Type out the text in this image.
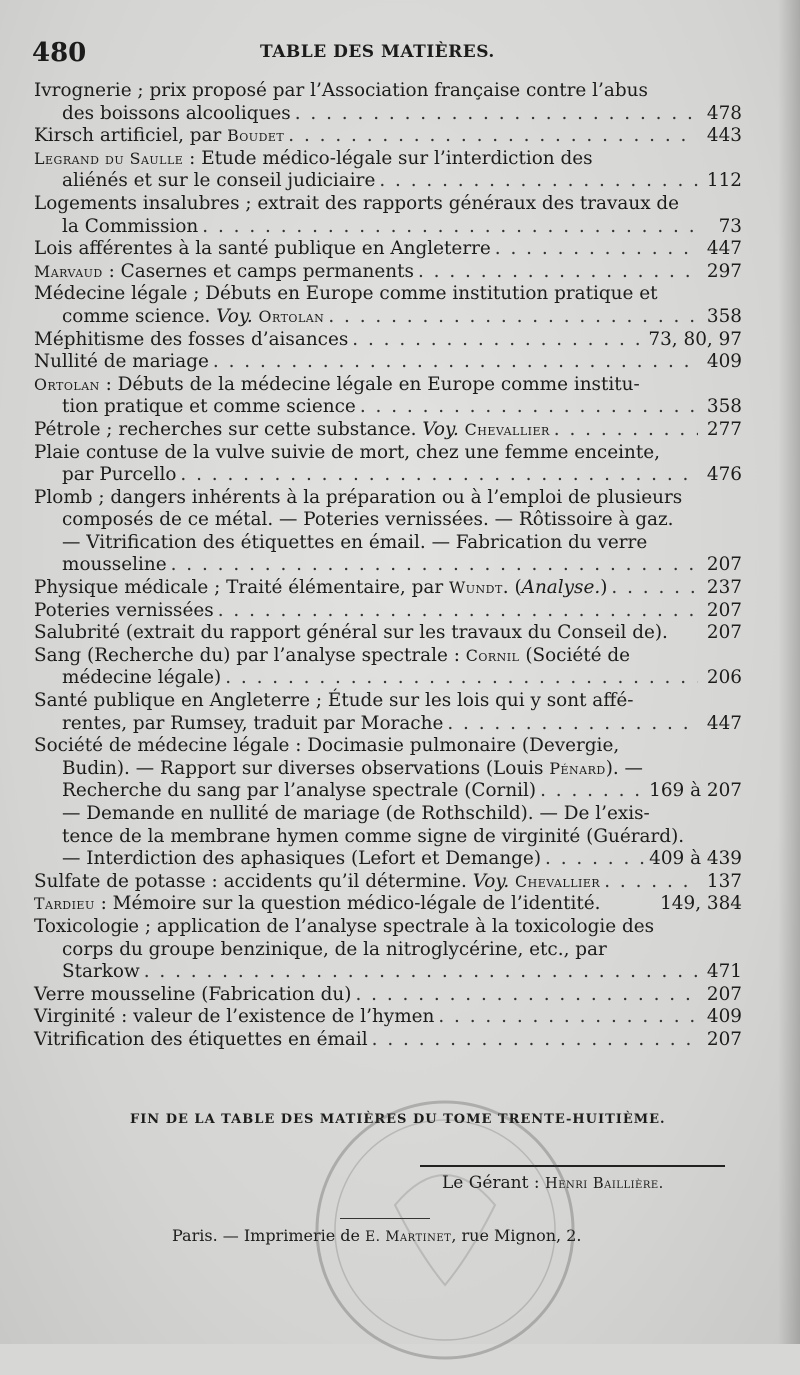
480	TABLE DES MATIÈRES.
Ivrognerie ; prix proposé par l’Association française contre l’abus
des boissons alcooliques . . .	478
Kirsch artificiel, par Boudet . . .	443
Legrand du Saulle : Etude médico-légale sur l’interdiction des
aliénés et sur le conseil judiciaire . . .	112
Logements insalubres ; extrait des rapports généraux des travaux de
la Commission . . .	73
Lois afférentes à la santé publique en Angleterre . . .	447
Marvaud : Casernes et camps permanents . . .	297
Médecine légale ; Débuts en Europe comme institution pratique et
comme science. Voy. Ortolan . . .	358
Méphitisme des fosses d’aisances . . .	73, 80, 97
Nullité de mariage . . .	409
Ortolan : Débuts de la médecine légale en Europe comme institu-
tion pratique et comme science . . .	358
Pétrole ; recherches sur cette substance. Voy. Chevallier . . .	277
Plaie contuse de la vulve suivie de mort, chez une femme enceinte,
par Purcello . . .	476
Plomb ; dangers inhérents à la préparation ou à l’emploi de plusieurs
composés de ce métal. — Poteries vernissées. — Rôtissoire à gaz.
— Vitrification des étiquettes en émail. — Fabrication du verre
mousseline . . .	207
Physique médicale ; Traité élémentaire, par Wundt. (Analyse.) . . .	237
Poteries vernissées . . .	207
Salubrité (extrait du rapport général sur les travaux du Conseil de). 207
Sang (Recherche du) par l’analyse spectrale : Cornil (Société de
médecine légale) . . .	206
Santé publique en Angleterre ; Étude sur les lois qui y sont affé-
rentes, par Rumsey, traduit par Morache . . .	447
Société de médecine légale : Docimasie pulmonaire (Devergie,
Budin). — Rapport sur diverses observations (Louis Pénard). —
Recherche du sang par l’analyse spectrale (Cornil) . . .	169 à 207
— Demande en nullité de mariage (de Rothschild). — De l’exis-
tence de la membrane hymen comme signe de virginité (Guérard).
— Interdiction des aphasiques (Lefort et Demange) . . .	409 à 439
Sulfate de potasse : accidents qu’il détermine. Voy. Chevallier . . .	137
Tardieu : Mémoire sur la question médico-légale de l’identité.	149, 384
Toxicologie ; application de l’analyse spectrale à la toxicologie des
corps du groupe benzinique, de la nitroglycérine, etc., par
Starkow . . .	471
Verre mousseline (Fabrication du) . . .	207
Virginité : valeur de l’existence de l’hymen . . .	409
Vitrification des étiquettes en émail . . .	207
FIN DE LA TABLE DES MATIÈRES DU TOME TRENTE-HUITIÈME.
Le Gérant : Henri Baillière.
Paris. — Imprimerie de E. Martinet, rue Mignon, 2.
